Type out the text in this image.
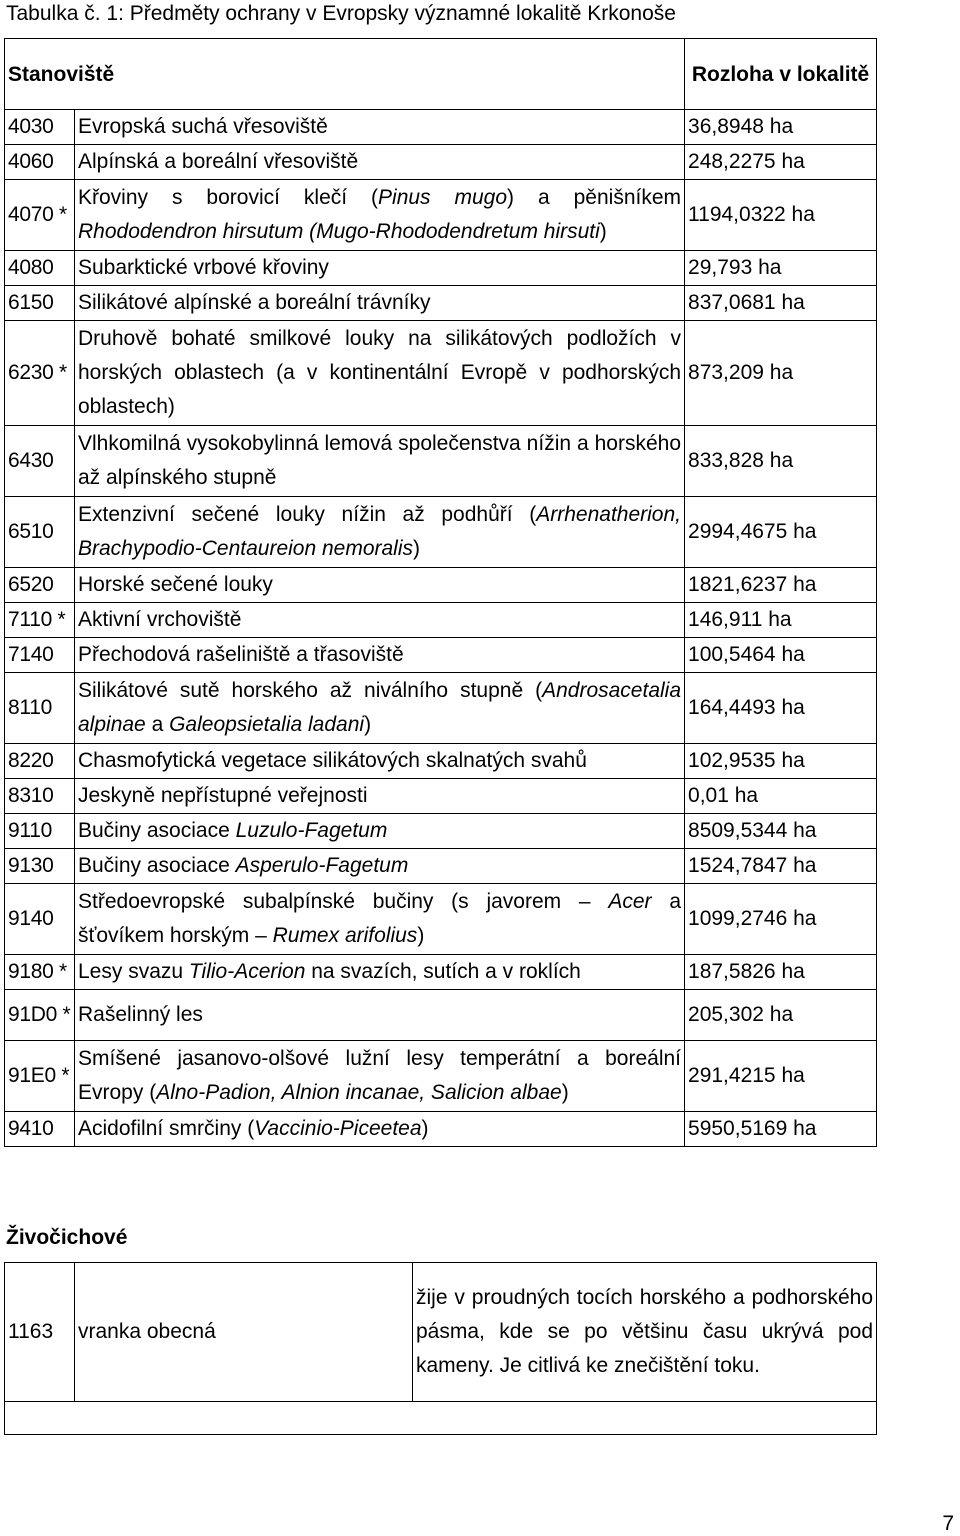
Tabulka č. 1: Předměty ochrany v Evropsky významné lokalitě Krkonoše
Stanoviště		Rozloha v lokalitě
4030	Evropská suchá vřesoviště	36,8948 ha
4060	Alpínská a boreální vřesoviště	248,2275 ha
4070 *	Křoviny s borovicí klečí (Pinus mugo) a pěnišníkem Rhododendron hirsutum (Mugo-Rhododendretum hirsuti)	1194,0322 ha
4080	Subarktické vrbové křoviny	29,793 ha
6150	Silikátové alpínské a boreální trávníky	837,0681 ha
6230 *	Druhově bohaté smilkové louky na silikátových podložích v horských oblastech (a v kontinentální Evropě v podhorských oblastech)	873,209 ha
6430	Vlhkomilná vysokobylinná lemová společenstva nížin a horského až alpínského stupně	833,828 ha
6510	Extenzivní sečené louky nížin až podhůří (Arrhenatherion, Brachypodio-Centaureion nemoralis)	2994,4675 ha
6520	Horské sečené louky	1821,6237 ha
7110 *	Aktivní vrchoviště	146,911 ha
7140	Přechodová rašeliniště a třasoviště	100,5464 ha
8110	Silikátové sutě horského až niválního stupně (Androsacetalia alpinae a Galeopsietalia ladani)	164,4493 ha
8220	Chasmofytická vegetace silikátových skalnatých svahů	102,9535 ha
8310	Jeskyně nepřístupné veřejnosti	0,01 ha
9110	Bučiny asociace Luzulo-Fagetum	8509,5344 ha
9130	Bučiny asociace Asperulo-Fagetum	1524,7847 ha
9140	Středoevropské subalpínské bučiny (s javorem – Acer a šťovíkem horským – Rumex arifolius)	1099,2746 ha
9180 *	Lesy svazu Tilio-Acerion na svazích, sutích a v roklích	187,5826 ha
91D0 *	Rašelinný les	205,302 ha
91E0 *	Smíšené jasanovo-olšové lužní lesy temperátní a boreální Evropy (Alno-Padion, Alnion incanae, Salicion albae)	291,4215 ha
9410	Acidofilní smrčiny (Vaccinio-Piceetea)	5950,5169 ha
Živočichové
1163	vranka obecná	žije v proudných tocích horského a podhorského pásma, kde se po většinu času ukrývá pod kameny. Je citlivá ke znečištění toku.

7
